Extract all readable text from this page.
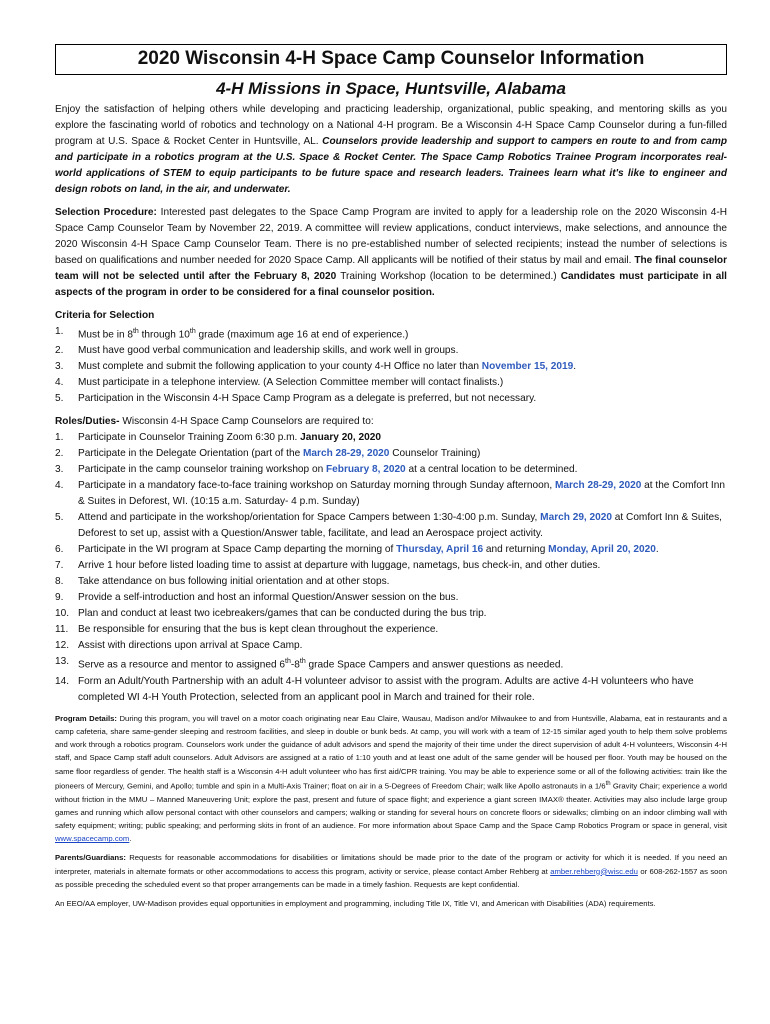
2020 Wisconsin 4-H Space Camp Counselor Information
4-H Missions in Space, Huntsville, Alabama

Enjoy the satisfaction of helping others while developing and practicing leadership, organizational, public speaking, and mentoring skills as you explore the fascinating world of robotics and technology on a National 4-H program. Be a Wisconsin 4-H Space Camp Counselor during a fun-filled program at U.S. Space & Rocket Center in Huntsville, AL. Counselors provide leadership and support to campers en route to and from camp and participate in a robotics program at the U.S. Space & Rocket Center. The Space Camp Robotics Trainee Program incorporates real-world applications of STEM to equip participants to be future space and research leaders. Trainees learn what it's like to engineer and design robots on land, in the air, and underwater.

Selection Procedure: Interested past delegates to the Space Camp Program are invited to apply for a leadership role on the 2020 Wisconsin 4-H Space Camp Counselor Team by November 22, 2019. A committee will review applications, conduct interviews, make selections, and announce the 2020 Wisconsin 4-H Space Camp Counselor Team. There is no pre-established number of selected recipients; instead the number of selections is based on qualifications and number needed for 2020 Space Camp. All applicants will be notified of their status by mail and email. The final counselor team will not be selected until after the February 8, 2020 Training Workshop (location to be determined.) Candidates must participate in all aspects of the program in order to be considered for a final counselor position.

Criteria for Selection
1. Must be in 8th through 10th grade (maximum age 16 at end of experience.)
2. Must have good verbal communication and leadership skills, and work well in groups.
3. Must complete and submit the following application to your county 4-H Office no later than November 15, 2019.
4. Must participate in a telephone interview. (A Selection Committee member will contact finalists.)
5. Participation in the Wisconsin 4-H Space Camp Program as a delegate is preferred, but not necessary.

Roles/Duties- Wisconsin 4-H Space Camp Counselors are required to:

1. Participate in Counselor Training Zoom 6:30 p.m. January 20, 2020
2. Participate in the Delegate Orientation (part of the March 28-29, 2020 Counselor Training)
3. Participate in the camp counselor training workshop on February 8, 2020 at a central location to be determined.
4. Participate in a mandatory face-to-face training workshop on Saturday morning through Sunday afternoon, March 28-29, 2020 at the Comfort Inn & Suites in Deforest, WI. (10:15 a.m. Saturday- 4 p.m. Sunday)
5. Attend and participate in the workshop/orientation for Space Campers between 1:30-4:00 p.m. Sunday, March 29, 2020 at Comfort Inn & Suites, Deforest to set up, assist with a Question/Answer table, facilitate, and lead an Aerospace project activity.
6. Participate in the WI program at Space Camp departing the morning of Thursday, April 16 and returning Monday, April 20, 2020.
7. Arrive 1 hour before listed loading time to assist at departure with luggage, nametags, bus check-in, and other duties.
8. Take attendance on bus following initial orientation and at other stops.
9. Provide a self-introduction and host an informal Question/Answer session on the bus.
10. Plan and conduct at least two icebreakers/games that can be conducted during the bus trip.
11. Be responsible for ensuring that the bus is kept clean throughout the experience.
12. Assist with directions upon arrival at Space Camp.
13. Serve as a resource and mentor to assigned 6th-8th grade Space Campers and answer questions as needed.
14. Form an Adult/Youth Partnership with an adult 4-H volunteer advisor to assist with the program. Adults are active 4-H volunteers who have completed WI 4-H Youth Protection, selected from an applicant pool in March and trained for their role.

Program Details: During this program, you will travel on a motor coach originating near Eau Claire, Wausau, Madison and/or Milwaukee to and from Huntsville, Alabama, eat in restaurants and a camp cafeteria, share same-gender sleeping and restroom facilities, and sleep in double or bunk beds. At camp, you will work with a team of 12-15 similar aged youth to help them solve problems and work through a robotics program. Counselors work under the guidance of adult advisors and spend the majority of their time under the direct supervision of adult 4-H volunteers, Wisconsin 4-H staff, and Space Camp staff adult counselors. Adult Advisors are assigned at a ratio of 1:10 youth and at least one adult of the same gender will be housed per floor. Youth may be housed on the same floor regardless of gender. The health staff is a Wisconsin 4-H adult volunteer who has first aid/CPR training. You may be able to experience some or all of the following activities: train like the pioneers of Mercury, Gemini, and Apollo; tumble and spin in a Multi-Axis Trainer; float on air in a 5-Degrees of Freedom Chair; walk like Apollo astronauts in a 1/6th Gravity Chair; experience a world without friction in the MMU – Manned Maneuvering Unit; explore the past, present and future of space flight; and experience a giant screen IMAX® theater. Activities may also include large group games and running which allow personal contact with other counselors and campers; walking or standing for several hours on concrete floors or sidewalks; climbing on an indoor climbing wall with safety equipment; writing; public speaking; and performing skits in front of an audience. For more information about Space Camp and the Space Camp Robotics Program or space in general, visit www.spacecamp.com.

Parents/Guardians: Requests for reasonable accommodations for disabilities or limitations should be made prior to the date of the program or activity for which it is needed. If you need an interpreter, materials in alternate formats or other accommodations to access this program, activity or service, please contact Amber Rehberg at amber.rehberg@wisc.edu or 608-262-1557 as soon as possible preceding the scheduled event so that proper arrangements can be made in a timely fashion. Requests are kept confidential.

An EEO/AA employer, UW-Madison provides equal opportunities in employment and programming, including Title IX, Title VI, and American with Disabilities (ADA) requirements.
